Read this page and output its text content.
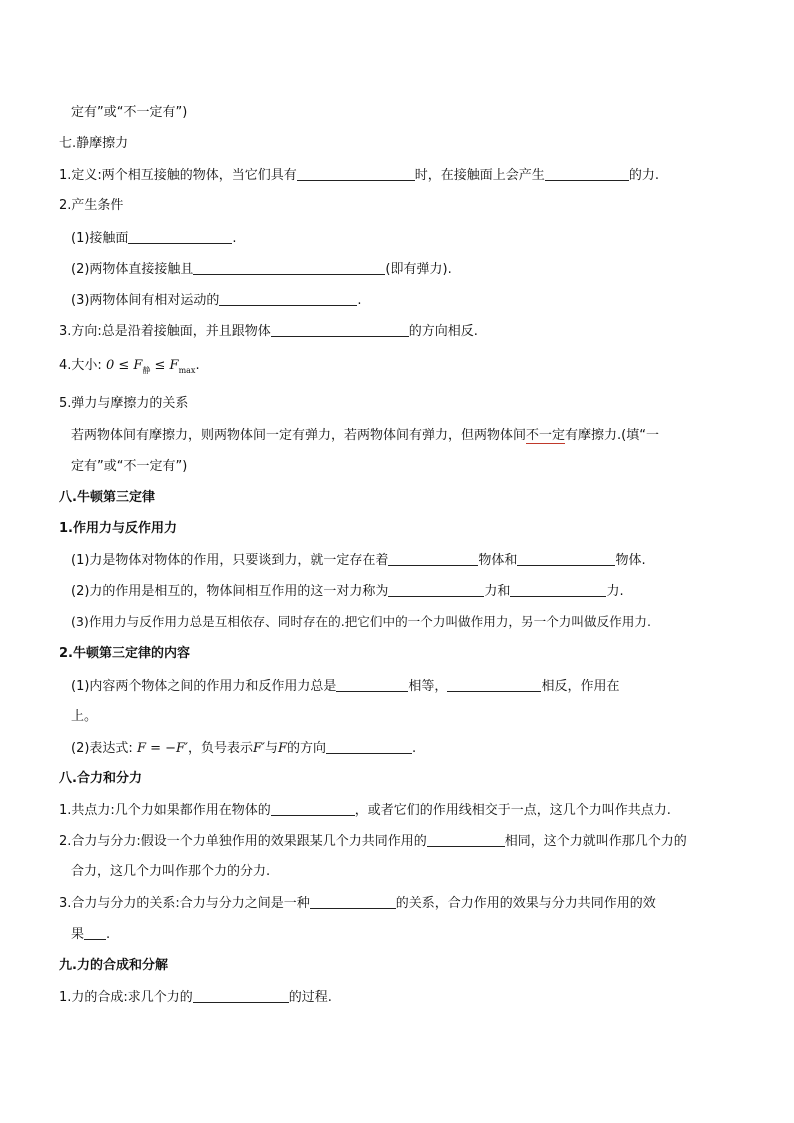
定有”或“不一定有”)
七.静摩擦力
1.定义:两个相互接触的物体，当它们具有	时，在接触面上会产生	的力.
2.产生条件
(1)接触面	.
(2)两物体直接接触且	(即有弹力).
(3)两物体间有相对运动的	.
3.方向:总是沿着接触面，并且跟物体	的方向相反.
4.大小: $0 \le F_静 \le F_{max}$.
5.弹力与摩擦力的关系
若两物体间有摩擦力，则两物体间一定有弹力，若两物体间有弹力，但两物体间不一定有摩擦力.(填“一
定有”或“不一定有”)
八.牛顿第三定律
1.作用力与反作用力
(1)力是物体对物体的作用，只要谈到力，就一定存在着	物体和	物体.
(2)力的作用是相互的，物体间相互作用的这一对力称为	力和	力.
(3)作用力与反作用力总是互相依存、同时存在的.把它们中的一个力叫做作用力，另一个力叫做反作用力.
2.牛顿第三定律的内容
(1)内容两个物体之间的作用力和反作用力总是	相等，	相反，作用在
上。
(2)表达式: F = −F′，负号表示F′与F的方向	.
八.合力和分力
1.共点力:几个力如果都作用在物体的	，或者它们的作用线相交于一点，这几个力叫作共点力.
2.合力与分力:假设一个力单独作用的效果跟某几个力共同作用的	相同，这个力就叫作那几个力的
合力，这几个力叫作那个力的分力.
3.合力与分力的关系:合力与分力之间是一种	的关系，合力作用的效果与分力共同作用的效
果 .
九.力的合成和分解
1.力的合成:求几个力的	的过程.
